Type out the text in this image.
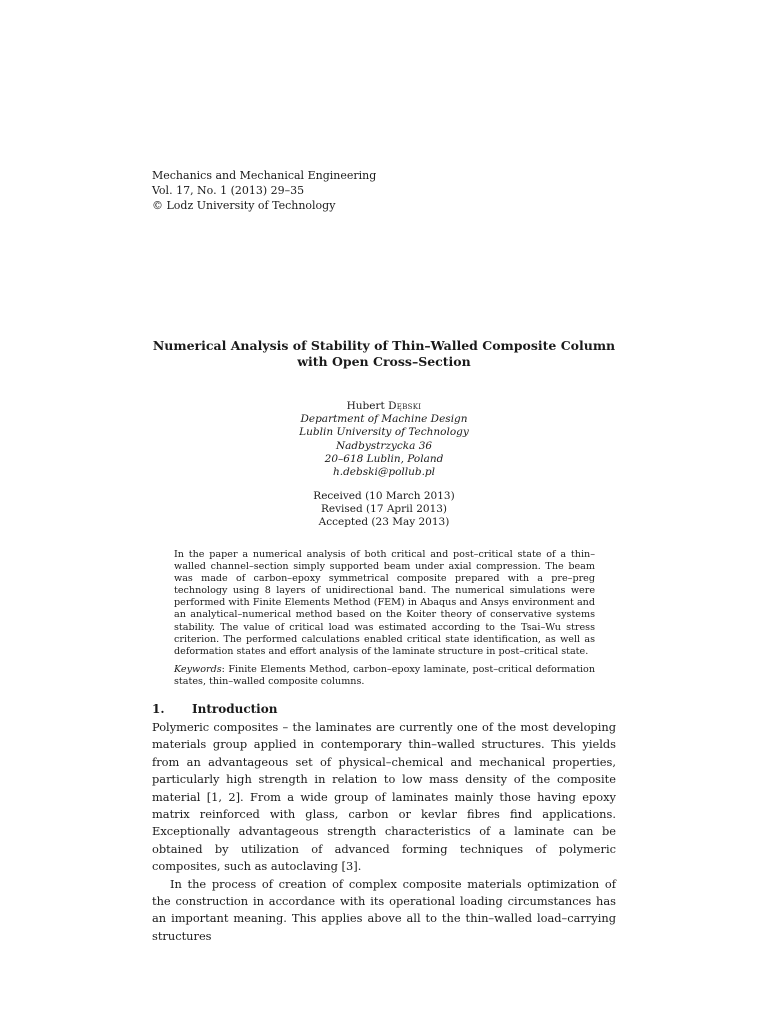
Mechanics and Mechanical Engineering
Vol. 17, No. 1 (2013) 29–35
© Lodz University of Technology
Numerical Analysis of Stability of Thin–Walled Composite Column
with Open Cross–Section
Hubert Dębski
Department of Machine Design
Lublin University of Technology
Nadbystrzycka 36
20–618 Lublin, Poland
h.debski@pollub.pl
Received (10 March 2013)
Revised (17 April 2013)
Accepted (23 May 2013)

In the paper a numerical analysis of both critical and post–critical state of a thin–walled channel–section simply supported beam under axial compression. The beam was made of carbon–epoxy symmetrical composite prepared with a pre–preg technology using 8 layers of unidirectional band. The numerical simulations were performed with Finite Elements Method (FEM) in Abaqus and Ansys environment and an analytical–numerical method based on the Koiter theory of conservative systems stability. The value of critical load was estimated according to the Tsai–Wu stress criterion. The performed calculations enabled critical state identification, as well as deformation states and effort analysis of the laminate structure in post–critical state.

Keywords: Finite Elements Method, carbon–epoxy laminate, post–critical deformation states, thin–walled composite columns.

1. Introduction

Polymeric composites – the laminates are currently one of the most developing materials group applied in contemporary thin–walled structures. This yields from an advantageous set of physical–chemical and mechanical properties, particularly high strength in relation to low mass density of the composite material [1, 2]. From a wide group of laminates mainly those having epoxy matrix reinforced with glass, carbon or kevlar fibres find applications. Exceptionally advantageous strength characteristics of a laminate can be obtained by utilization of advanced forming techniques of polymeric composites, such as autoclaving [3].

In the process of creation of complex composite materials optimization of the construction in accordance with its operational loading circumstances has an important meaning. This applies above all to the thin–walled load–carrying structures
